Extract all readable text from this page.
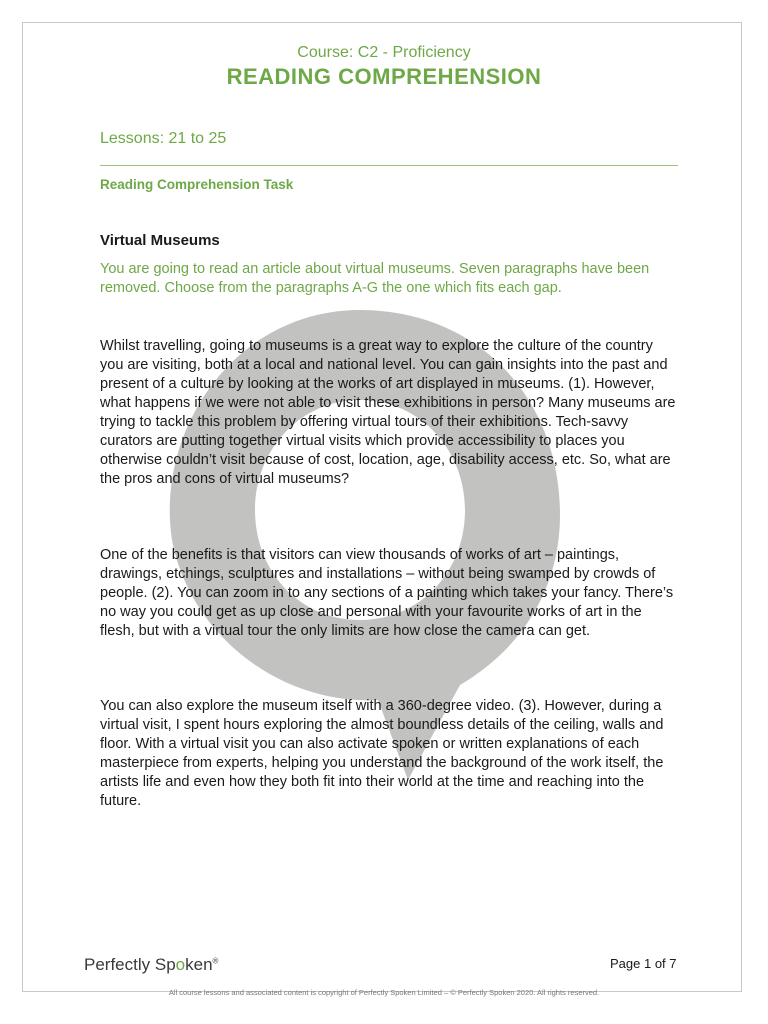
Course: C2 - Proficiency
READING COMPREHENSION
Lessons: 21 to 25
Reading Comprehension Task
Virtual Museums
You are going to read an article about virtual museums. Seven paragraphs have been removed. Choose from the paragraphs A-G the one which fits each gap.
Whilst travelling, going to museums is a great way to explore the culture of the country you are visiting, both at a local and national level. You can gain insights into the past and present of a culture by looking at the works of art displayed in museums. (1). However, what happens if we were not able to visit these exhibitions in person? Many museums are trying to tackle this problem by offering virtual tours of their exhibitions. Tech-savvy curators are putting together virtual visits which provide accessibility to places you otherwise couldn’t visit because of cost, location, age, disability access, etc. So, what are the pros and cons of virtual museums?
One of the benefits is that visitors can view thousands of works of art – paintings, drawings, etchings, sculptures and installations – without being swamped by crowds of people. (2). You can zoom in to any sections of a painting which takes your fancy. There’s no way you could get as up close and personal with your favourite works of art in the flesh, but with a virtual tour the only limits are how close the camera can get.
You can also explore the museum itself with a 360-degree video. (3). However, during a virtual visit, I spent hours exploring the almost boundless details of the ceiling, walls and floor. With a virtual visit you can also activate spoken or written explanations of each masterpiece from experts, helping you understand the background of the work itself, the artists life and even how they both fit into their world at the time and reaching into the future.
Perfectly Spoken®	Page 1 of 7
All course lessons and associated content is copyright of Perfectly Spoken Limited – © Perfectly Spoken 2020. All rights reserved.
